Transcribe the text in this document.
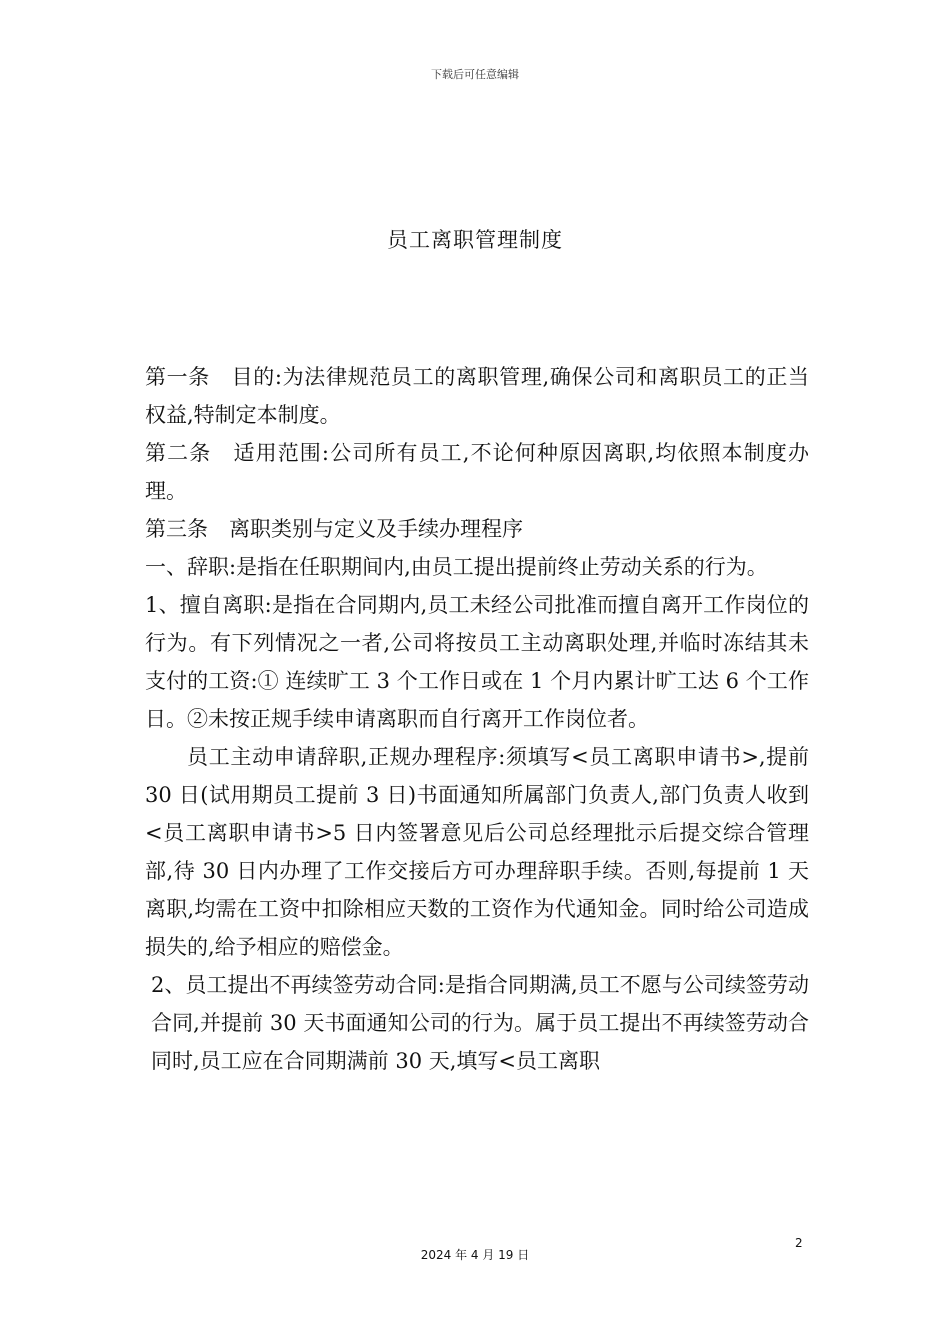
下载后可任意编辑
员工离职管理制度

第一条　目的:为法律规范员工的离职管理,确保公司和离职员工的正当权益,特制定本制度。

第二条　适用范围:公司所有员工,不论何种原因离职,均依照本制度办理。

第三条　离职类别与定义及手续办理程序

一、辞职:是指在任职期间内,由员工提出提前终止劳动关系的行为。

1、擅自离职:是指在合同期内,员工未经公司批准而擅自离开工作岗位的行为。有下列情况之一者,公司将按员工主动离职处理,并临时冻结其未支付的工资:① 连续旷工 3 个工作日或在 1 个月内累计旷工达 6 个工作日。②未按正规手续申请离职而自行离开工作岗位者。

员工主动申请辞职,正规办理程序:须填写<员工离职申请书>,提前 30 日(试用期员工提前 3 日)书面通知所属部门负责人,部门负责人收到<员工离职申请书>5 日内签署意见后公司总经理批示后提交综合管理部,待 30 日内办理了工作交接后方可办理辞职手续。否则,每提前 1 天离职,均需在工资中扣除相应天数的工资作为代通知金。同时给公司造成损失的,给予相应的赔偿金。

2、员工提出不再续签劳动合同:是指合同期满,员工不愿与公司续签劳动合同,并提前 30 天书面通知公司的行为。属于员工提出不再续签劳动合同时,员工应在合同期满前 30 天,填写<员工离职

2
2024 年 4 月 19 日
